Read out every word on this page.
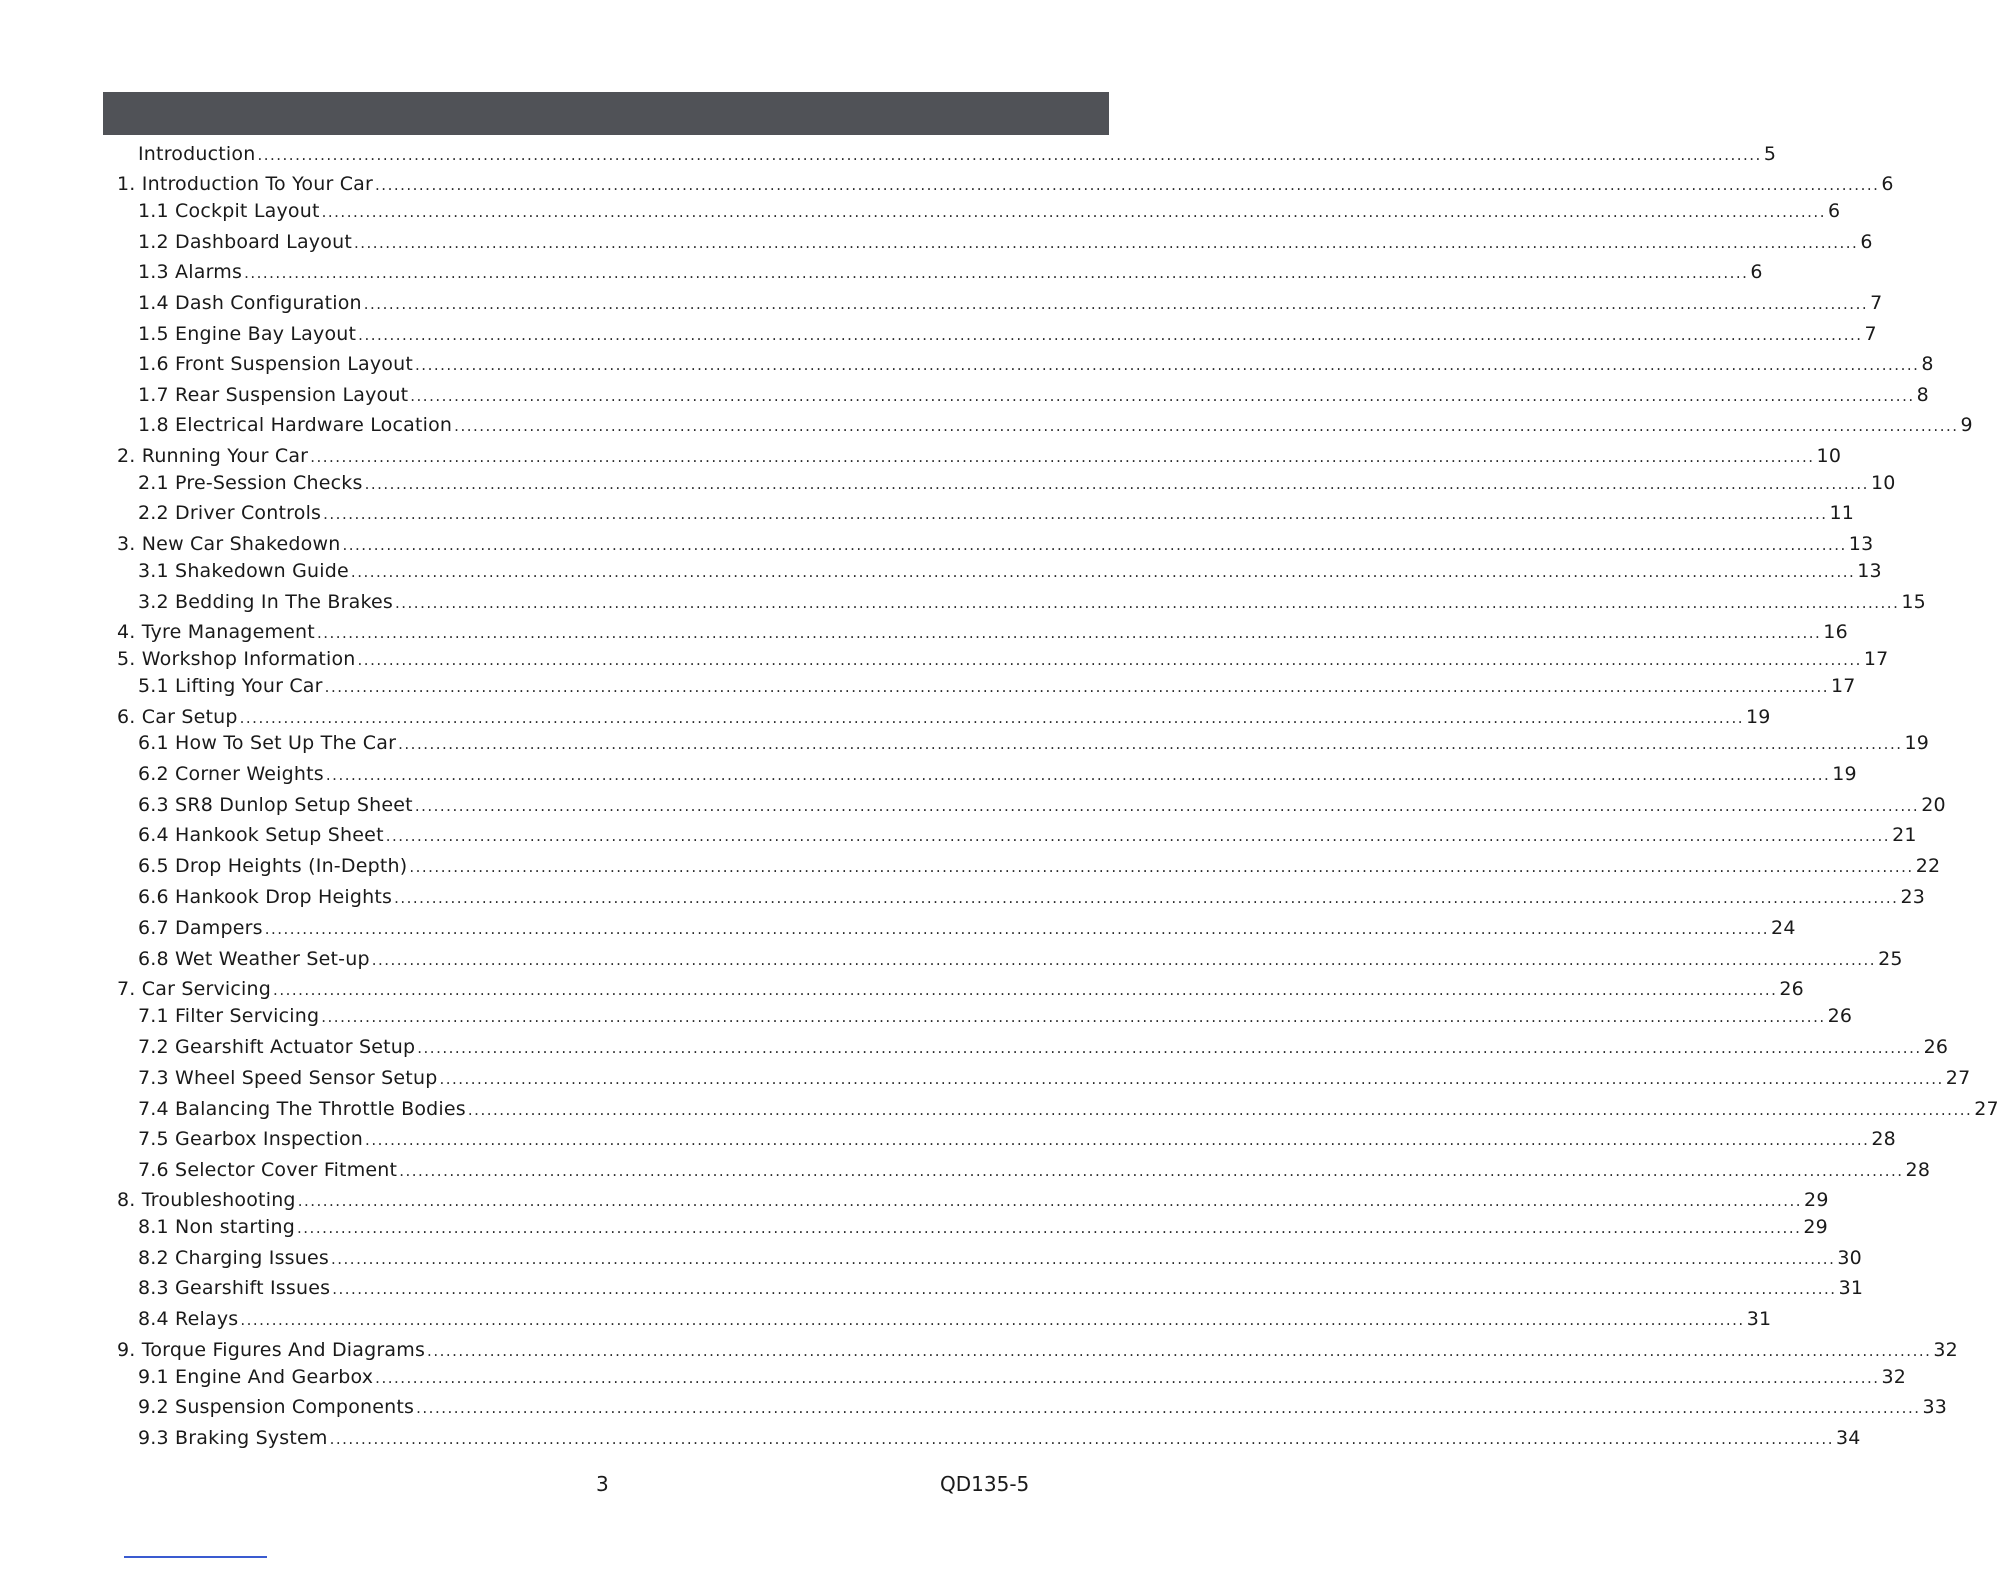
Introduction ................................................................................................................................................................................................................................................ 5
1. Introduction To Your Car ................................................................................................................................................................................................................................................ 6
1.1 Cockpit Layout ................................................................................................................................................................................................................................................ 6
1.2 Dashboard Layout ................................................................................................................................................................................................................................................ 6
1.3 Alarms ................................................................................................................................................................................................................................................ 6
1.4 Dash Configuration ................................................................................................................................................................................................................................................ 7
1.5 Engine Bay Layout ................................................................................................................................................................................................................................................ 7
1.6 Front Suspension Layout ................................................................................................................................................................................................................................................ 8
1.7 Rear Suspension Layout ................................................................................................................................................................................................................................................ 8
1.8 Electrical Hardware Location ................................................................................................................................................................................................................................................ 9
2. Running Your Car ................................................................................................................................................................................................................................................ 10
2.1 Pre-Session Checks ................................................................................................................................................................................................................................................ 10
2.2 Driver Controls ................................................................................................................................................................................................................................................ 11
3. New Car Shakedown ................................................................................................................................................................................................................................................ 13
3.1 Shakedown Guide ................................................................................................................................................................................................................................................ 13
3.2 Bedding In The Brakes ................................................................................................................................................................................................................................................ 15
4. Tyre Management ................................................................................................................................................................................................................................................ 16
5. Workshop Information ................................................................................................................................................................................................................................................ 17
5.1 Lifting Your Car ................................................................................................................................................................................................................................................ 17
6. Car Setup ................................................................................................................................................................................................................................................ 19
6.1 How To Set Up The Car ................................................................................................................................................................................................................................................ 19
6.2 Corner Weights ................................................................................................................................................................................................................................................ 19
6.3 SR8 Dunlop Setup Sheet ................................................................................................................................................................................................................................................ 20
6.4 Hankook Setup Sheet ................................................................................................................................................................................................................................................ 21
6.5 Drop Heights (In-Depth) ................................................................................................................................................................................................................................................ 22
6.6 Hankook Drop Heights ................................................................................................................................................................................................................................................ 23
6.7 Dampers ................................................................................................................................................................................................................................................ 24
6.8 Wet Weather Set-up ................................................................................................................................................................................................................................................ 25
7. Car Servicing ................................................................................................................................................................................................................................................ 26
7.1 Filter Servicing ................................................................................................................................................................................................................................................ 26
7.2 Gearshift Actuator Setup ................................................................................................................................................................................................................................................ 26
7.3 Wheel Speed Sensor Setup ................................................................................................................................................................................................................................................ 27
7.4 Balancing The Throttle Bodies ................................................................................................................................................................................................................................................ 27
7.5 Gearbox Inspection ................................................................................................................................................................................................................................................ 28
7.6 Selector Cover Fitment ................................................................................................................................................................................................................................................ 28
8. Troubleshooting ................................................................................................................................................................................................................................................ 29
8.1 Non starting ................................................................................................................................................................................................................................................ 29
8.2 Charging Issues ................................................................................................................................................................................................................................................ 30
8.3 Gearshift Issues ................................................................................................................................................................................................................................................ 31
8.4 Relays ................................................................................................................................................................................................................................................ 31
9. Torque Figures And Diagrams ................................................................................................................................................................................................................................................ 32
9.1 Engine And Gearbox ................................................................................................................................................................................................................................................ 32
9.2 Suspension Components ................................................................................................................................................................................................................................................ 33
9.3 Braking System ................................................................................................................................................................................................................................................ 34
3	QD135-5
